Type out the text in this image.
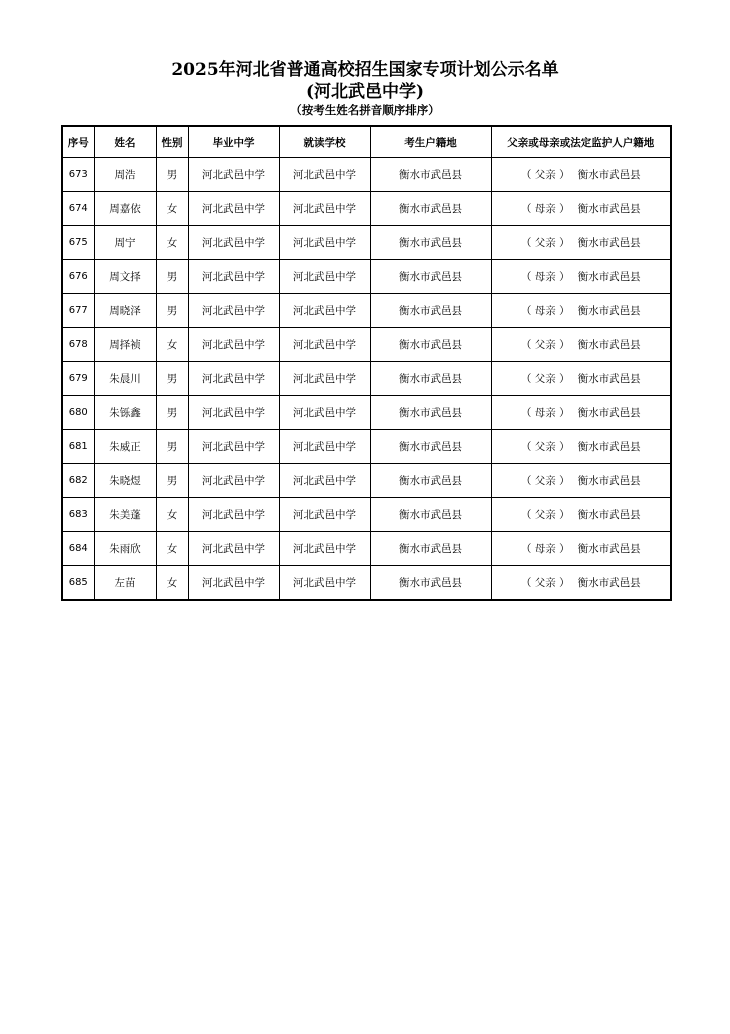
2025年河北省普通高校招生国家专项计划公示名单
(河北武邑中学)
（按考生姓名拼音顺序排序）
序号	姓名	性别	毕业中学	就读学校	考生户籍地	父亲或母亲或法定监护人户籍地
673	周浩	男	河北武邑中学	河北武邑中学	衡水市武邑县	（ 父亲 ） 衡水市武邑县
674	周嘉依	女	河北武邑中学	河北武邑中学	衡水市武邑县	（ 母亲 ） 衡水市武邑县
675	周宁	女	河北武邑中学	河北武邑中学	衡水市武邑县	（ 父亲 ） 衡水市武邑县
676	周文择	男	河北武邑中学	河北武邑中学	衡水市武邑县	（ 母亲 ） 衡水市武邑县
677	周晓泽	男	河北武邑中学	河北武邑中学	衡水市武邑县	（ 母亲 ） 衡水市武邑县
678	周择祯	女	河北武邑中学	河北武邑中学	衡水市武邑县	（ 父亲 ） 衡水市武邑县
679	朱晨川	男	河北武邑中学	河北武邑中学	衡水市武邑县	（ 父亲 ） 衡水市武邑县
680	朱铄鑫	男	河北武邑中学	河北武邑中学	衡水市武邑县	（ 母亲 ） 衡水市武邑县
681	朱威正	男	河北武邑中学	河北武邑中学	衡水市武邑县	（ 父亲 ） 衡水市武邑县
682	朱晓煜	男	河北武邑中学	河北武邑中学	衡水市武邑县	（ 父亲 ） 衡水市武邑县
683	朱美蓬	女	河北武邑中学	河北武邑中学	衡水市武邑县	（ 父亲 ） 衡水市武邑县
684	朱雨欣	女	河北武邑中学	河北武邑中学	衡水市武邑县	（ 母亲 ） 衡水市武邑县
685	左苗	女	河北武邑中学	河北武邑中学	衡水市武邑县	（ 父亲 ） 衡水市武邑县
